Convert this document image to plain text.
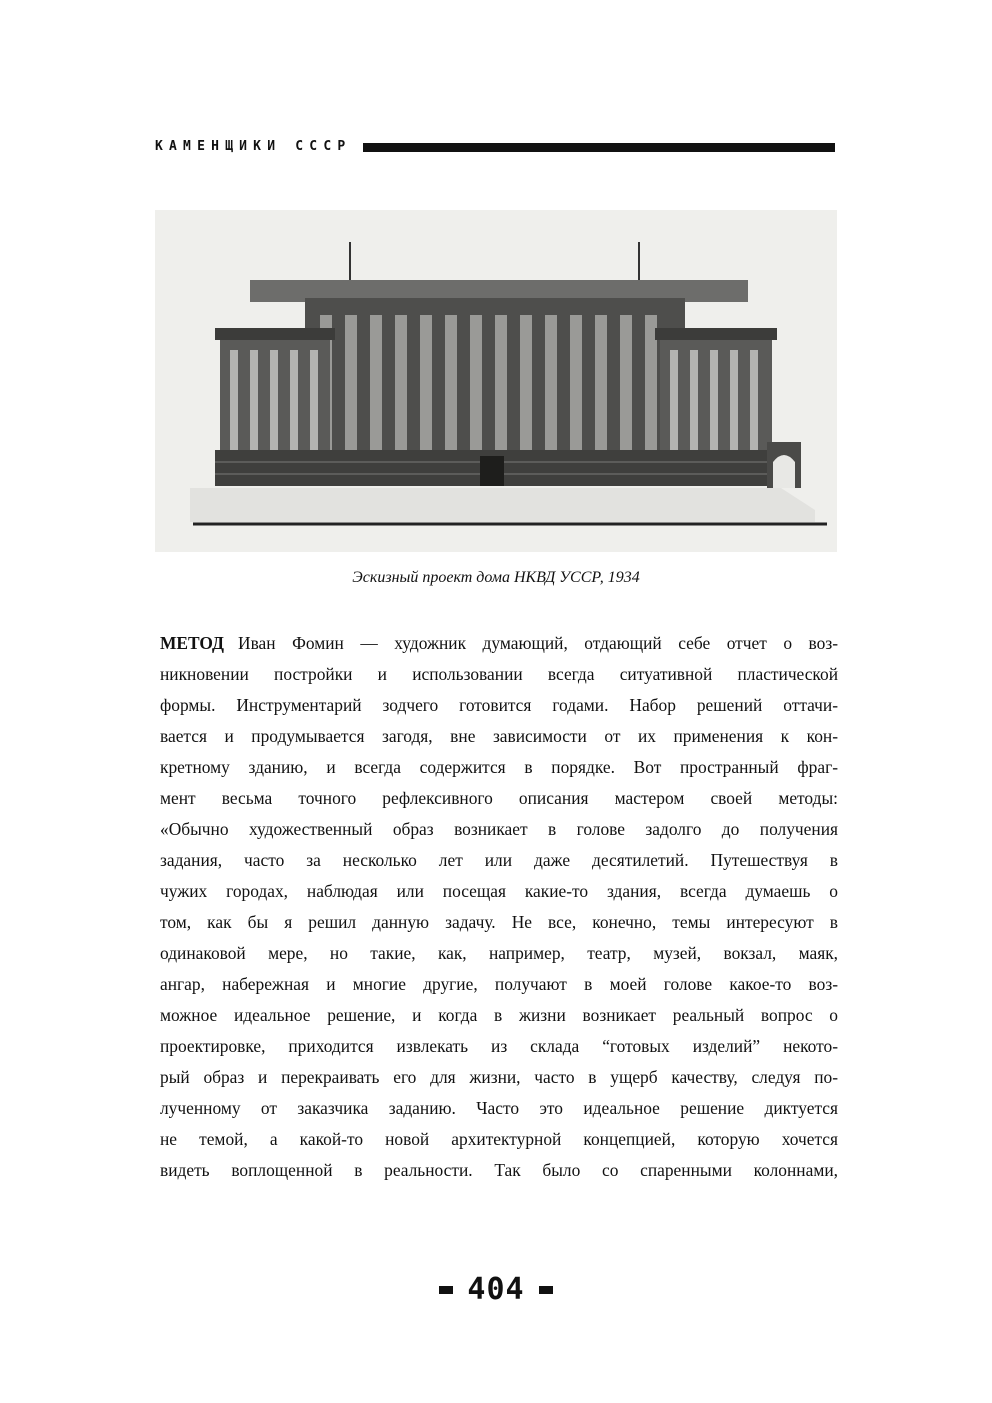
КАМЕНЩИКИ СССР
Эскизный проект дома НКВД УССР, 1934
МЕТОД Иван Фомин — художник думающий, отдающий себе отчет о воз-
никновении постройки и использовании всегда ситуативной пластической
формы. Инструментарий зодчего готовится годами. Набор решений оттачи-
вается и продумывается загодя, вне зависимости от их применения к кон-
кретному зданию, и всегда содержится в порядке. Вот пространный фраг-
мент весьма точного рефлексивного описания мастером своей методы:
«Обычно художественный образ возникает в голове задолго до получения
задания, часто за несколько лет или даже десятилетий. Путешествуя в
чужих городах, наблюдая или посещая какие-то здания, всегда думаешь о
том, как бы я решил данную задачу. Не все, конечно, темы интересуют в
одинаковой мере, но такие, как, например, театр, музей, вокзал, маяк,
ангар, набережная и многие другие, получают в моей голове какое-то воз-
можное идеальное решение, и когда в жизни возникает реальный вопрос о
проектировке, приходится извлекать из склада “готовых изделий” некото-
рый образ и перекраивать его для жизни, часто в ущерб качеству, следуя по-
лученному от заказчика заданию. Часто это идеальное решение диктуется
не темой, а какой-то новой архитектурной концепцией, которую хочется
видеть воплощенной в реальности. Так было со спаренными колоннами,
404
